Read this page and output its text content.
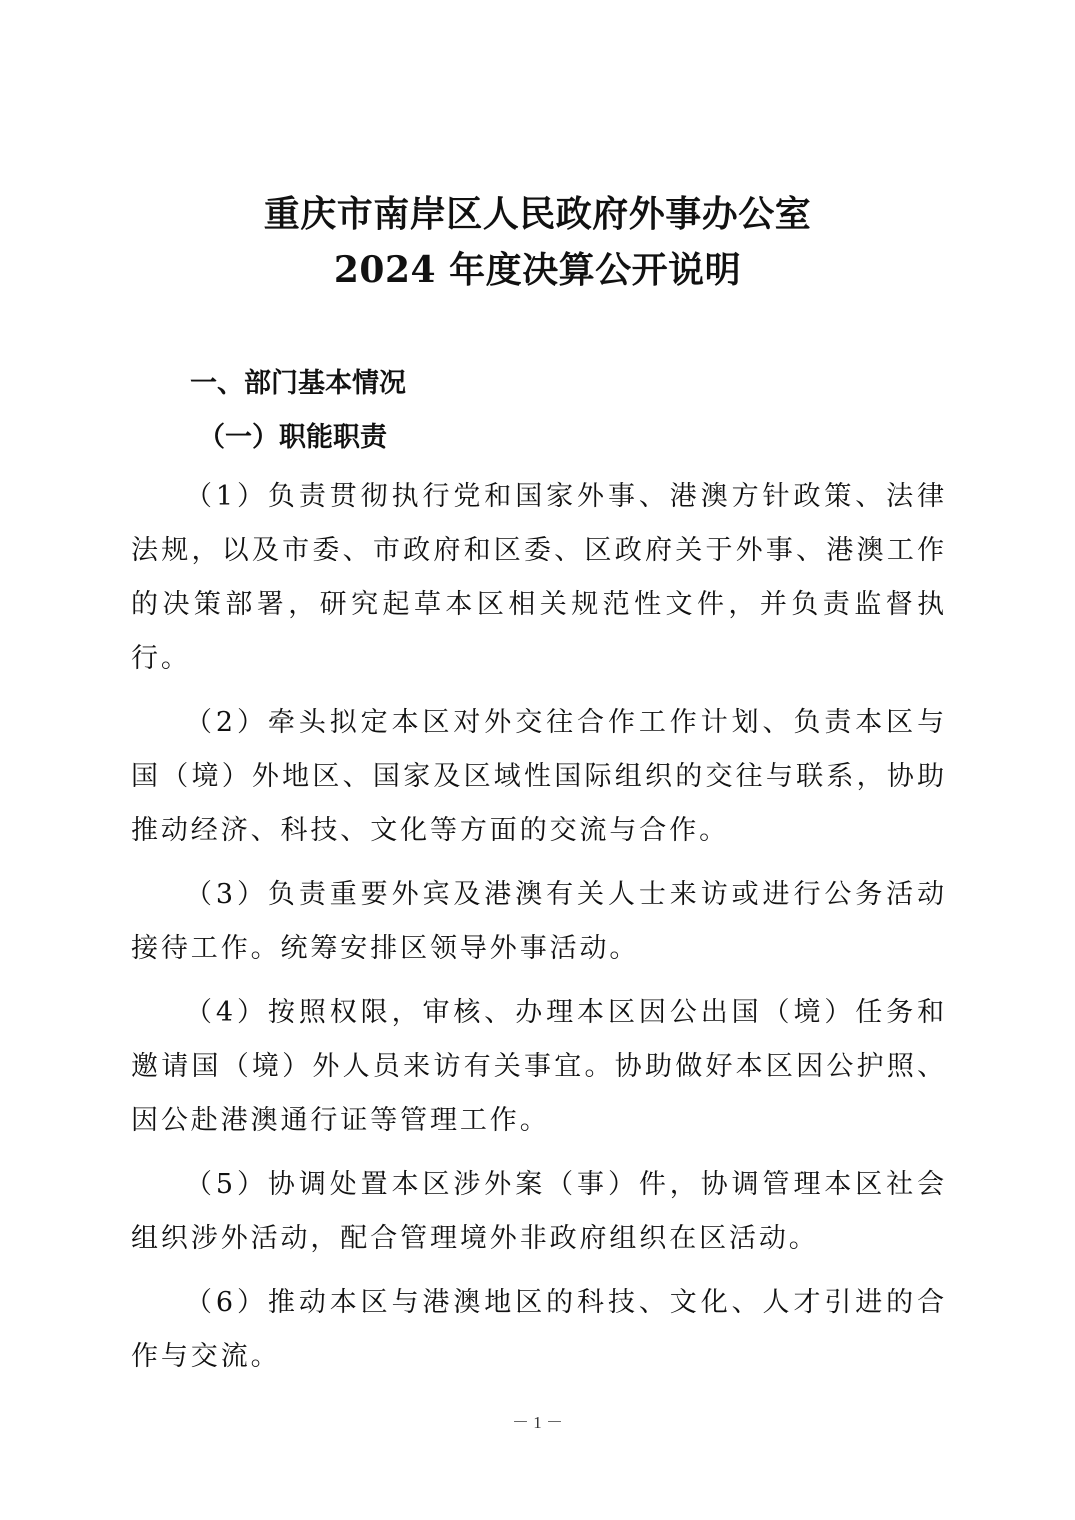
重庆市南岸区人民政府外事办公室
2024 年度决算公开说明
一、部门基本情况
（一）职能职责

（1）负责贯彻执行党和国家外事、港澳方针政策、法律法规，以及市委、市政府和区委、区政府关于外事、港澳工作的决策部署，研究起草本区相关规范性文件，并负责监督执行。

（2）牵头拟定本区对外交往合作工作计划、负责本区与国（境）外地区、国家及区域性国际组织的交往与联系，协助推动经济、科技、文化等方面的交流与合作。

（3）负责重要外宾及港澳有关人士来访或进行公务活动接待工作。统筹安排区领导外事活动。

（4）按照权限，审核、办理本区因公出国（境）任务和邀请国（境）外人员来访有关事宜。协助做好本区因公护照、因公赴港澳通行证等管理工作。

（5）协调处置本区涉外案（事）件，协调管理本区社会组织涉外活动，配合管理境外非政府组织在区活动。

（6）推动本区与港澳地区的科技、文化、人才引进的合作与交流。

－ 1 －
